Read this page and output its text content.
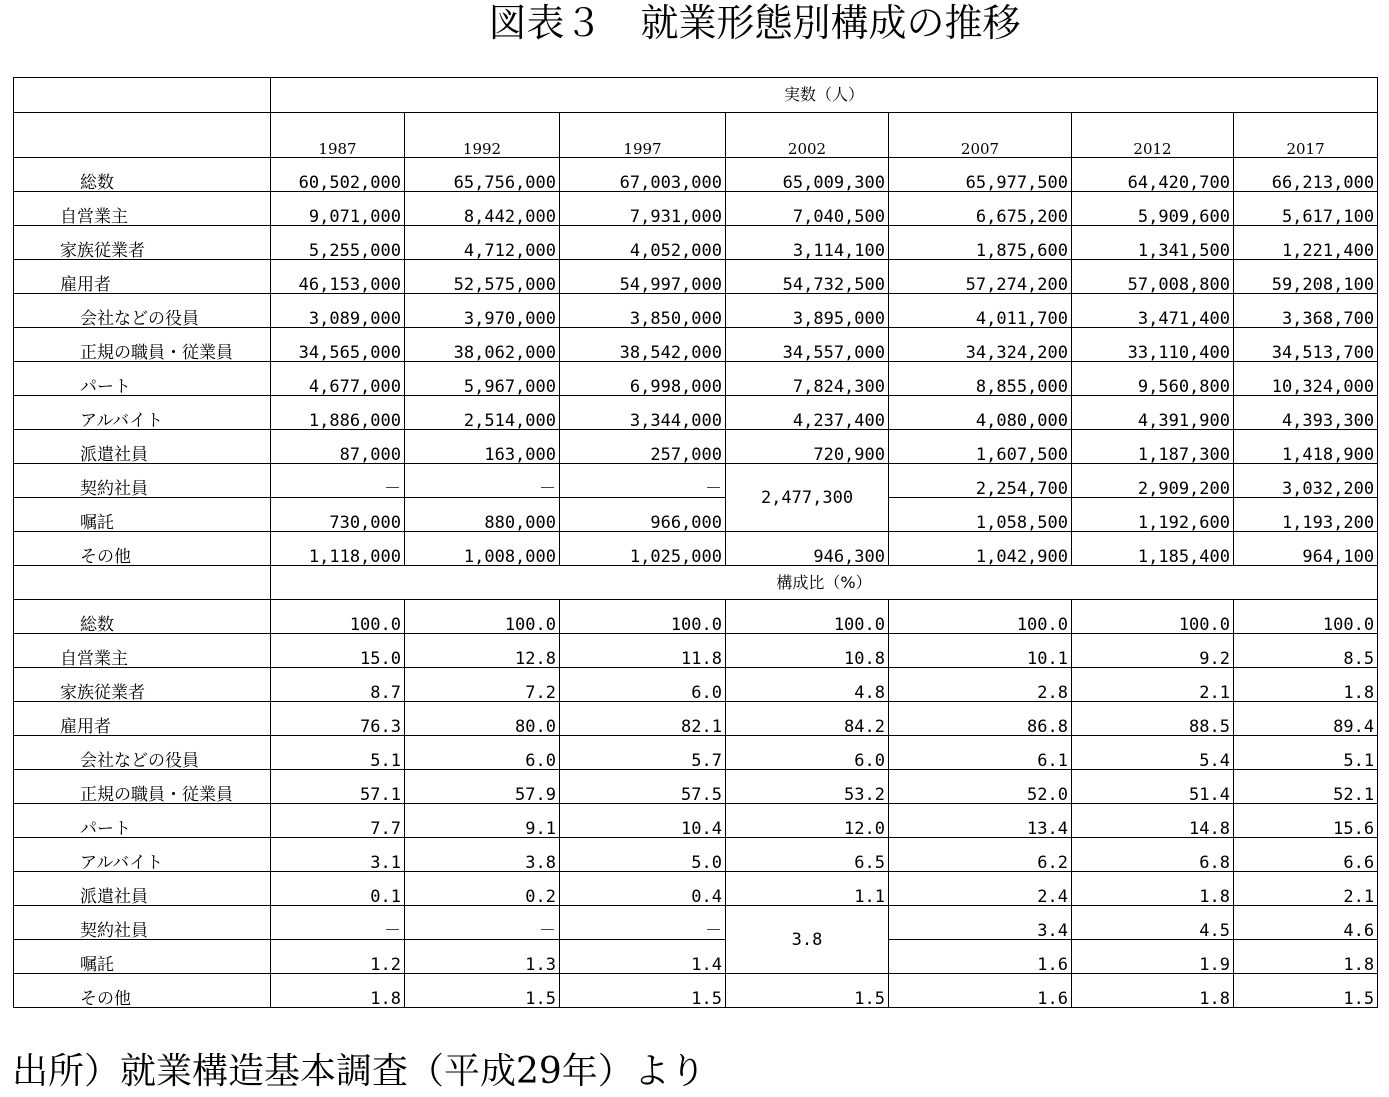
図表３　就業形態別構成の推移
	実数（人）						
	1987	1992	1997	2002	2007	2012	2017
総数	60,502,000	65,756,000	67,003,000	65,009,300	65,977,500	64,420,700	66,213,000
自営業主	9,071,000	8,442,000	7,931,000	7,040,500	6,675,200	5,909,600	5,617,100
家族従業者	5,255,000	4,712,000	4,052,000	3,114,100	1,875,600	1,341,500	1,221,400
雇用者	46,153,000	52,575,000	54,997,000	54,732,500	57,274,200	57,008,800	59,208,100
会社などの役員	3,089,000	3,970,000	3,850,000	3,895,000	4,011,700	3,471,400	3,368,700
正規の職員・従業員	34,565,000	38,062,000	38,542,000	34,557,000	34,324,200	33,110,400	34,513,700
パート	4,677,000	5,967,000	6,998,000	7,824,300	8,855,000	9,560,800	10,324,000
アルバイト	1,886,000	2,514,000	3,344,000	4,237,400	4,080,000	4,391,900	4,393,300
派遣社員	87,000	163,000	257,000	720,900	1,607,500	1,187,300	1,418,900
契約社員	－	－	－	2,477,300	2,254,700	2,909,200	3,032,200
嘱託	730,000	880,000	966,000		1,058,500	1,192,600	1,193,200
その他	1,118,000	1,008,000	1,025,000	946,300	1,042,900	1,185,400	964,100
	構成比（%）						
総数	100.0	100.0	100.0	100.0	100.0	100.0	100.0
自営業主	15.0	12.8	11.8	10.8	10.1	9.2	8.5
家族従業者	8.7	7.2	6.0	4.8	2.8	2.1	1.8
雇用者	76.3	80.0	82.1	84.2	86.8	88.5	89.4
会社などの役員	5.1	6.0	5.7	6.0	6.1	5.4	5.1
正規の職員・従業員	57.1	57.9	57.5	53.2	52.0	51.4	52.1
パート	7.7	9.1	10.4	12.0	13.4	14.8	15.6
アルバイト	3.1	3.8	5.0	6.5	6.2	6.8	6.6
派遣社員	0.1	0.2	0.4	1.1	2.4	1.8	2.1
契約社員	－	－	－	3.8	3.4	4.5	4.6
嘱託	1.2	1.3	1.4		1.6	1.9	1.8
その他	1.8	1.5	1.5	1.5	1.6	1.8	1.5
出所）就業構造基本調査（平成29年）より
